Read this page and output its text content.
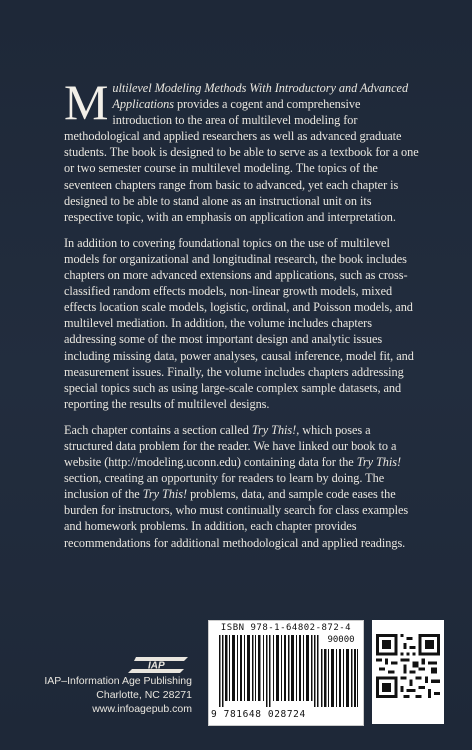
Multilevel Modeling Methods With Introductory and Advanced Applications provides a cogent and comprehensive introduction to the area of multilevel modeling for methodological and applied researchers as well as advanced graduate students. The book is designed to be able to serve as a textbook for a one or two semester course in multilevel modeling. The topics of the seventeen chapters range from basic to advanced, yet each chapter is designed to be able to stand alone as an instructional unit on its respective topic, with an emphasis on application and interpretation.

In addition to covering foundational topics on the use of multilevel models for organizational and longitudinal research, the book includes chapters on more advanced extensions and applications, such as cross-classified random effects models, non-linear growth models, mixed effects location scale models, logistic, ordinal, and Poisson models, and multilevel mediation. In addition, the volume includes chapters addressing some of the most important design and analytic issues including missing data, power analyses, causal inference, model fit, and measurement issues. Finally, the volume includes chapters addressing special topics such as using large-scale complex sample datasets, and reporting the results of multilevel designs.

Each chapter contains a section called Try This!, which poses a structured data problem for the reader. We have linked our book to a website (http://modeling.uconn.edu) containing data for the Try This! section, creating an opportunity for readers to learn by doing. The inclusion of the Try This! problems, data, and sample code eases the burden for instructors, who must continually search for class examples and homework problems. In addition, each chapter provides recommendations for additional methodological and applied readings.

IAP–Information Age Publishing
Charlotte, NC 28271
www.infoagepub.com
IAP
ISBN 978-1-64802-872-4
90000
9 781648 028724
